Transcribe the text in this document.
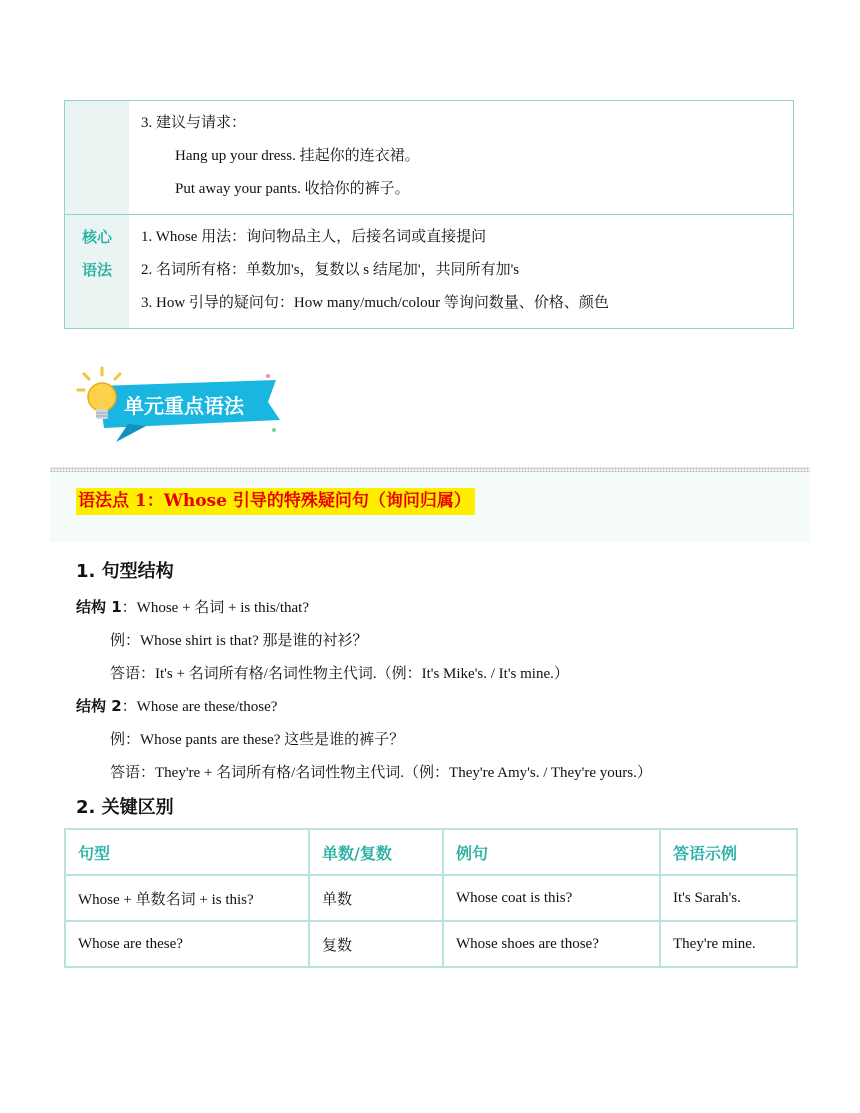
3. 建议与请求：
Hang up your dress. 挂起你的连衣裙。
Put away your pants. 收拾你的裤子。
核心
语法
1. Whose 用法：询问物品主人，后接名词或直接提问
2. 名词所有格：单数加's，复数以 s 结尾加'，共同所有加's
3. How 引导的疑问句：How many/much/colour 等询问数量、价格、颜色
单元重点语法
语法点 1：Whose 引导的特殊疑问句（询问归属）
1. 句型结构
结构 1：Whose + 名词 + is this/that?
例：Whose shirt is that? 那是谁的衬衫？
答语：It's + 名词所有格/名词性物主代词.（例：It's Mike's. / It's mine.）
结构 2：Whose are these/those?
例：Whose pants are these? 这些是谁的裤子？
答语：They're + 名词所有格/名词性物主代词.（例：They're Amy's. / They're yours.）
2. 关键区别
句型	单数/复数	例句	答语示例
Whose + 单数名词 + is this?	单数	Whose coat is this?	It's Sarah's.
Whose are these?	复数	Whose shoes are those?	They're mine.
